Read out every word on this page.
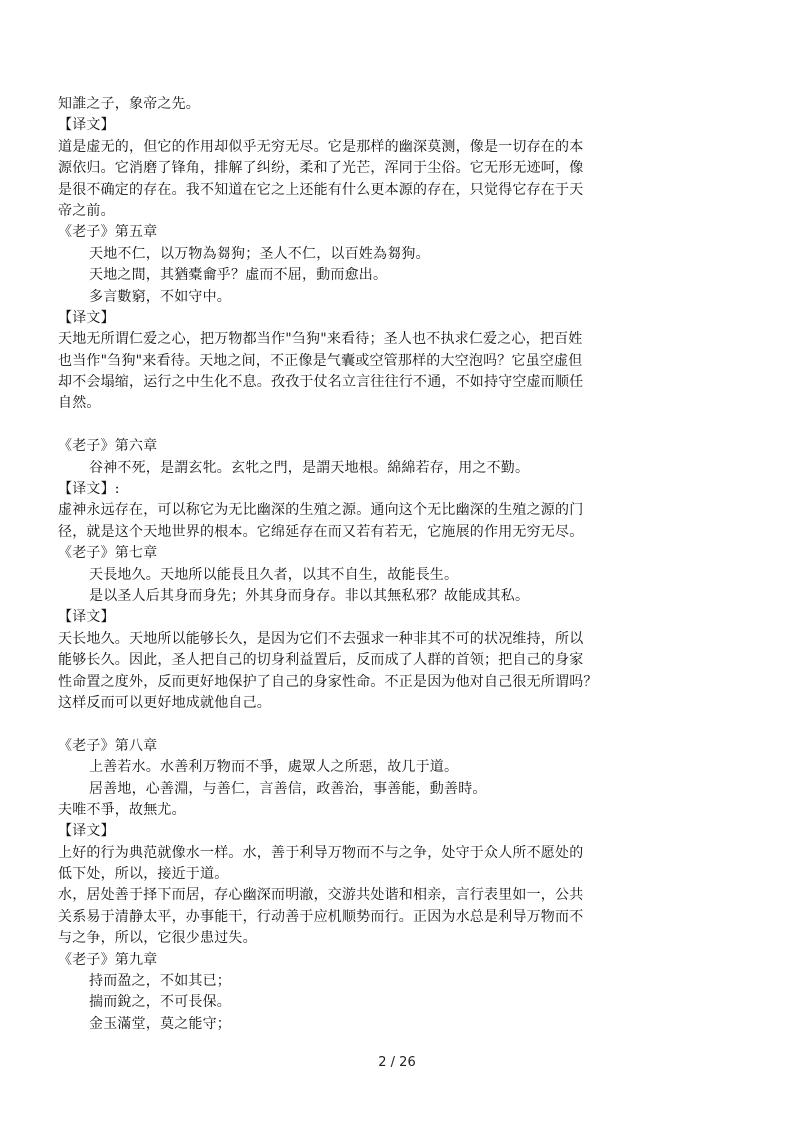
知誰之子，象帝之先。
【译文】
道是虚无的，但它的作用却似乎无穷无尽。它是那样的幽深莫测，像是一切存在的本
源依归。它消磨了锋角，排解了纠纷，柔和了光芒，浑同于尘俗。它无形无迹呵，像
是很不确定的存在。我不知道在它之上还能有什么更本源的存在，只觉得它存在于天
帝之前。
《老子》第五章
天地不仁，以万物為芻狗；圣人不仁，以百姓為芻狗。
天地之間，其猶橐龠乎？虛而不屈，動而愈出。
多言數窮，不如守中。
【译文】
天地无所谓仁爱之心，把万物都当作"刍狗"来看待；圣人也不执求仁爱之心，把百姓
也当作"刍狗"来看待。天地之间，不正像是气囊或空管那样的大空泡吗？它虽空虚但
却不会塌缩，运行之中生化不息。孜孜于仗名立言往往行不通，不如持守空虚而顺任
自然。
《老子》第六章
谷神不死，是謂玄牝。玄牝之門，是謂天地根。綿綿若存，用之不勤。
【译文】:
虚神永远存在，可以称它为无比幽深的生殖之源。通向这个无比幽深的生殖之源的门
径，就是这个天地世界的根本。它绵延存在而又若有若无，它施展的作用无穷无尽。
《老子》第七章
天長地久。天地所以能長且久者，以其不自生，故能長生。
是以圣人后其身而身先；外其身而身存。非以其無私邪？故能成其私。
【译文】
天长地久。天地所以能够长久，是因为它们不去强求一种非其不可的状况维持，所以
能够长久。因此，圣人把自己的切身利益置后，反而成了人群的首领；把自己的身家
性命置之度外，反而更好地保护了自己的身家性命。不正是因为他对自己很无所谓吗？
这样反而可以更好地成就他自己。
《老子》第八章
上善若水。水善利万物而不爭，處眾人之所惡，故几于道。
居善地，心善淵，与善仁，言善信，政善治，事善能，動善時。
夫唯不爭，故無尤。
【译文】
上好的行为典范就像水一样。水，善于利导万物而不与之争，处守于众人所不愿处的
低下处，所以，接近于道。
水，居处善于择下而居，存心幽深而明澈，交游共处谐和相亲，言行表里如一，公共
关系易于清静太平，办事能干，行动善于应机顺势而行。正因为水总是利导万物而不
与之争，所以，它很少患过失。
《老子》第九章
持而盈之，不如其已；
揣而銳之，不可長保。
金玉滿堂，莫之能守；
2 / 26
